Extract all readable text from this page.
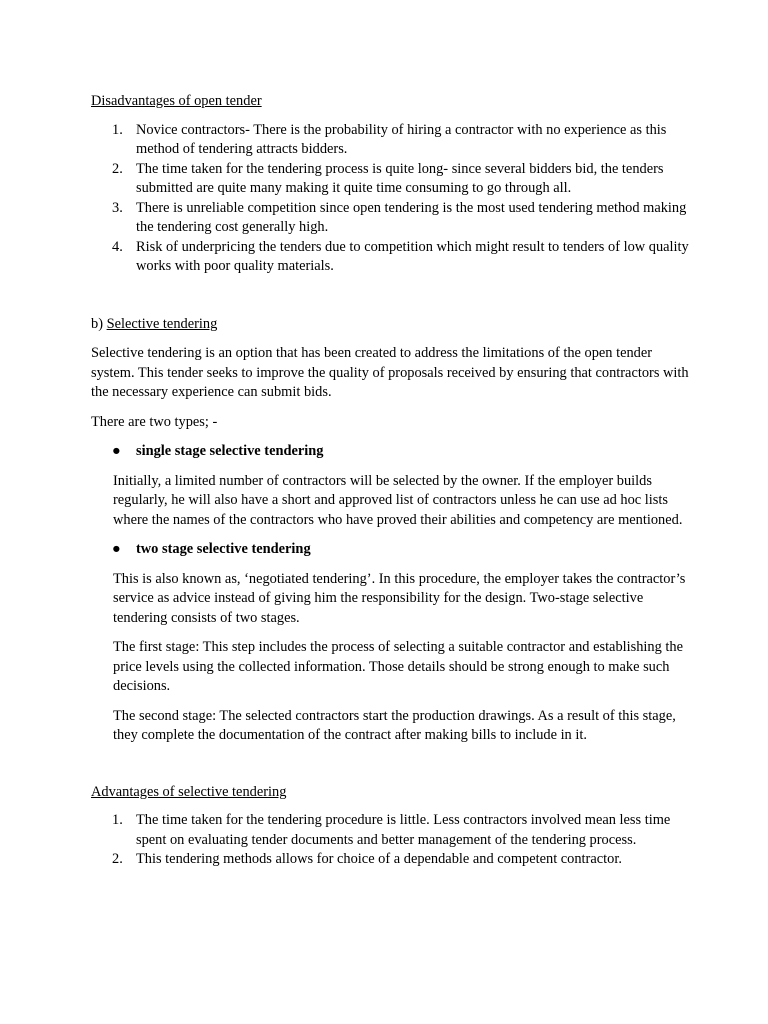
Disadvantages of open tender
1. Novice contractors- There is the probability of hiring a contractor with no experience as this method of tendering attracts bidders.
2. The time taken for the tendering process is quite long- since several bidders bid, the tenders submitted are quite many making it quite time consuming to go through all.
3. There is unreliable competition since open tendering is the most used tendering method making the tendering cost generally high.
4. Risk of underpricing the tenders due to competition which might result to tenders of low quality works with poor quality materials.
b) Selective tendering

Selective tendering is an option that has been created to address the limitations of the open tender system. This tender seeks to improve the quality of proposals received by ensuring that contractors with the necessary experience can submit bids.

There are two types; -

● single stage selective tendering

Initially, a limited number of contractors will be selected by the owner. If the employer builds regularly, he will also have a short and approved list of contractors unless he can use ad hoc lists where the names of the contractors who have proved their abilities and competency are mentioned.

● two stage selective tendering

This is also known as, ‘negotiated tendering’. In this procedure, the employer takes the contractor’s service as advice instead of giving him the responsibility for the design. Two-stage selective tendering consists of two stages.

The first stage: This step includes the process of selecting a suitable contractor and establishing the price levels using the collected information. Those details should be strong enough to make such decisions.

The second stage: The selected contractors start the production drawings. As a result of this stage, they complete the documentation of the contract after making bills to include in it.

Advantages of selective tendering
1. The time taken for the tendering procedure is little. Less contractors involved mean less time spent on evaluating tender documents and better management of the tendering process.
2. This tendering methods allows for choice of a dependable and competent contractor.
